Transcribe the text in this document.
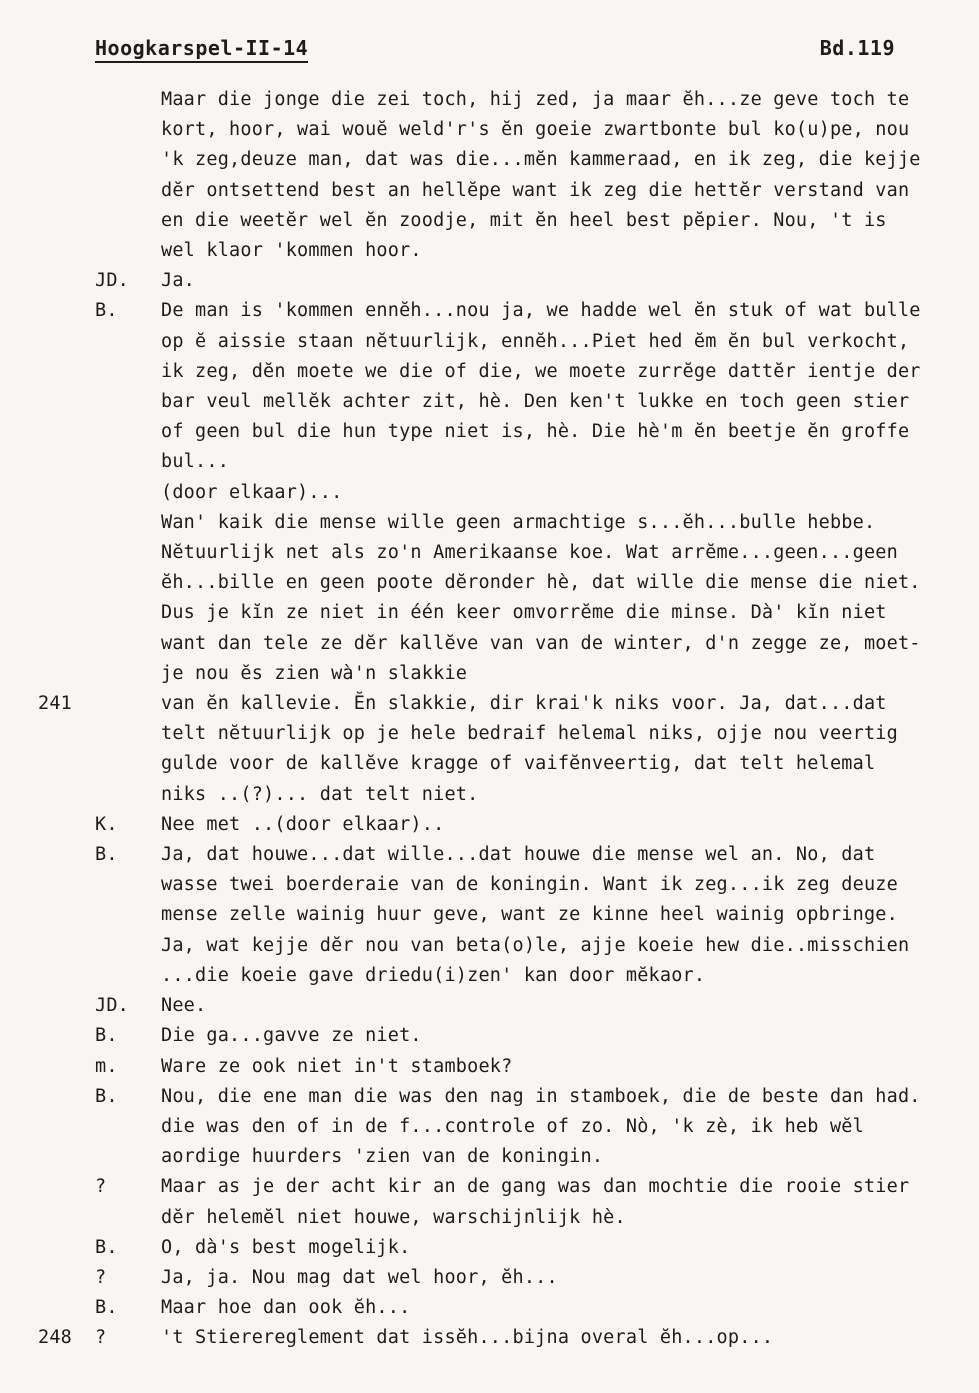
Hoogkarspel-II-14	Bd.119
Maar die jonge die zei toch, hij zed, ja maar ĕh...ze geve toch te
kort, hoor, wai wouĕ weld'r's ĕn goeie zwartbonte bul ko(u)pe, nou
'k zeg,deuze man, dat was die...mĕn kammeraad, en ik zeg, die kejje
dĕr ontsettend best an hellĕpe want ik zeg die hettĕr verstand van
en die weetĕr wel ĕn zoodje, mit ĕn heel best pĕpier. Nou, 't is
wel klaor 'kommen hoor.
JD.	Ja.
B.	De man is 'kommen ennĕh...nou ja, we hadde wel ĕn stuk of wat bulle
op ĕ aissie staan nĕtuurlijk, ennĕh...Piet hed ĕm ĕn bul verkocht,
ik zeg, dĕn moete we die of die, we moete zurrĕge dattĕr ientje der
bar veul mellĕk achter zit, hè. Den ken't lukke en toch geen stier
of geen bul die hun type niet is, hè. Die hè'm ĕn beetje ĕn groffe
bul...
(door elkaar)...
Wan' kaik die mense wille geen armachtige s...ĕh...bulle hebbe.
Nĕtuurlijk net als zo'n Amerikaanse koe. Wat arrĕme...geen...geen
ĕh...bille en geen poote dĕronder hè, dat wille die mense die niet.
Dus je kĭn ze niet in één keer omvorrĕme die minse. Dà' kĭn niet
want dan tele ze dĕr kallĕve van van de winter, d'n zegge ze, moet-
je nou ĕs zien wà'n slakkie
241	van ĕn kallevie. Ĕn slakkie, dir krai'k niks voor. Ja, dat...dat
telt nĕtuurlijk op je hele bedraif helemal niks, ojje nou veertig
gulde voor de kallĕve kragge of vaifĕnveertig, dat telt helemal
niks ..(?)... dat telt niet.
K.	Nee met ..(door elkaar)..
B.	Ja, dat houwe...dat wille...dat houwe die mense wel an. No, dat
wasse twei boerderaie van de koningin. Want ik zeg...ik zeg deuze
mense zelle wainig huur geve, want ze kinne heel wainig opbringe.
Ja, wat kejje dĕr nou van beta(o)le, ajje koeie hew die..misschien
...die koeie gave driedu(i)zen' kan door mĕkaor.
JD.	Nee.
B.	Die ga...gavve ze niet.
m.	Ware ze ook niet in't stamboek?
B.	Nou, die ene man die was den nag in stamboek, die de beste dan had.
die was den of in de f...controle of zo. Nò, 'k zè, ik heb wĕl
aordige huurders 'zien van de koningin.
?	Maar as je der acht kir an de gang was dan mochtie die rooie stier
dĕr helemĕl niet houwe, warschijnlijk hè.
B.	O, dà's best mogelijk.
?	Ja, ja. Nou mag dat wel hoor, ĕh...
B.	Maar hoe dan ook ĕh...
248	?	't Stierereglement dat issĕh...bijna overal ĕh...op...
